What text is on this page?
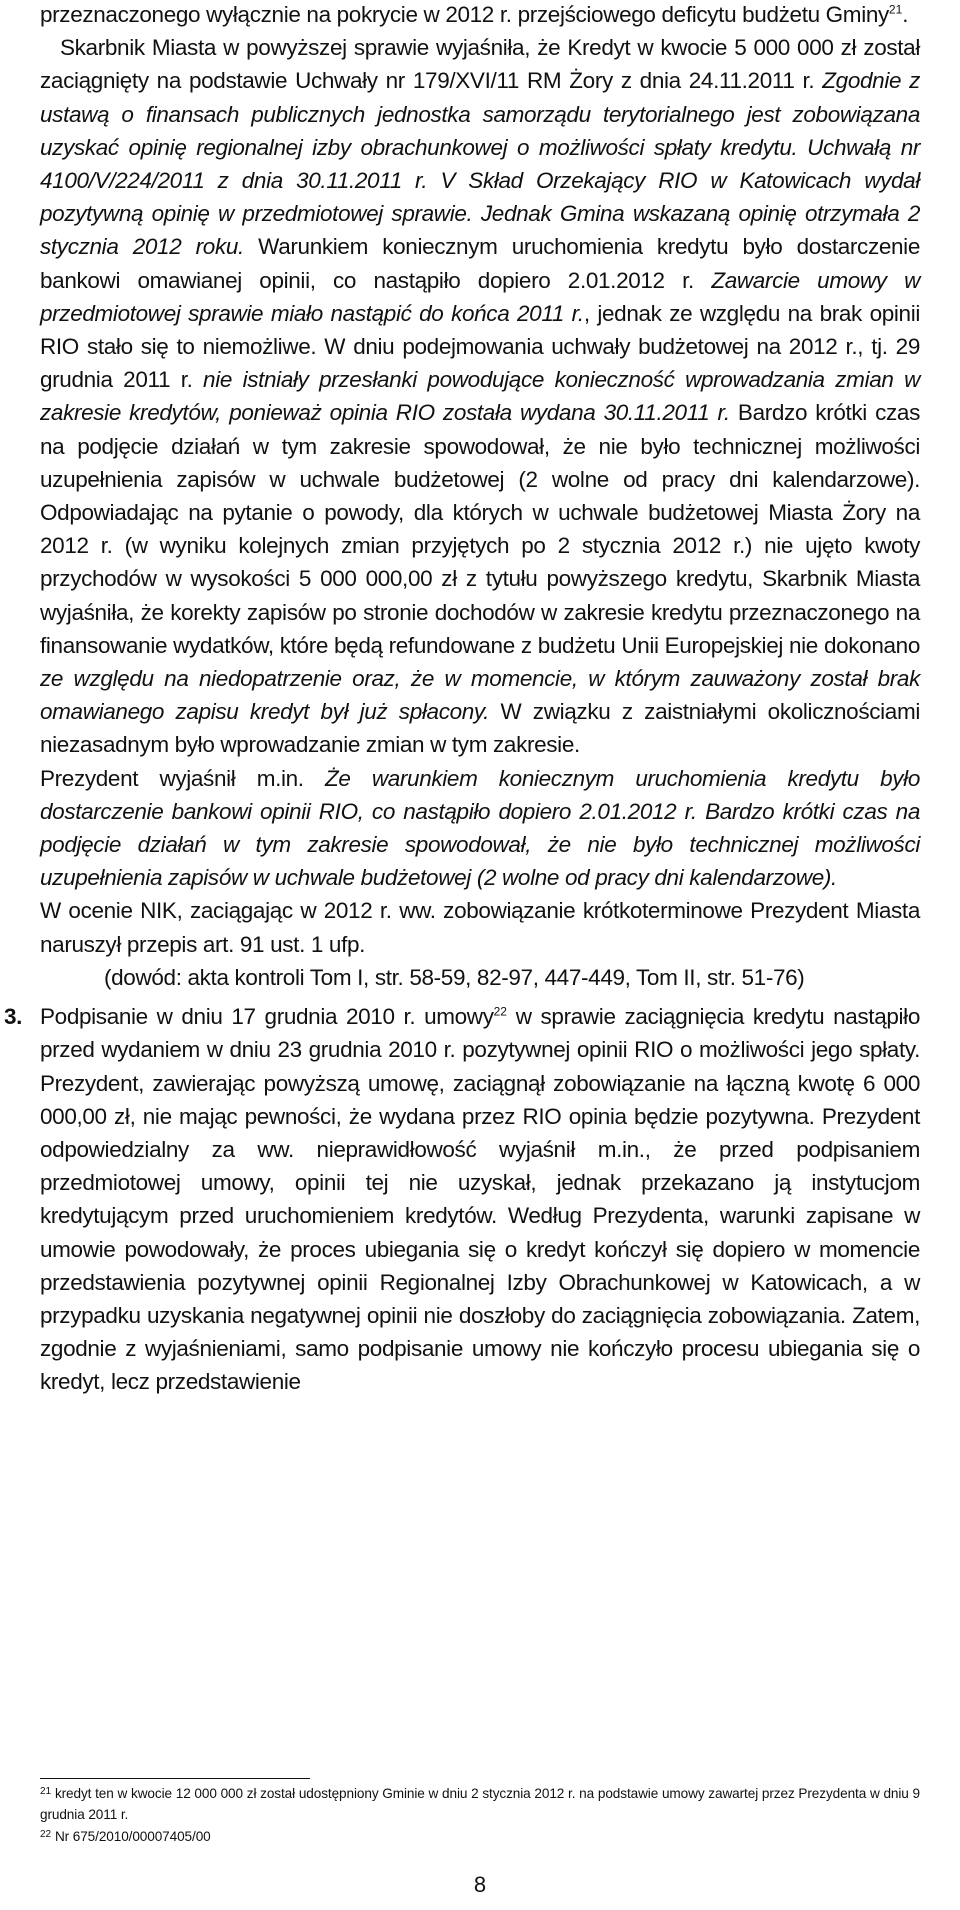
przeznaczonego wyłącznie na pokrycie w 2012 r. przejściowego deficytu budżetu Gminy$^{21}$.

Skarbnik Miasta w powyższej sprawie wyjaśniła, że Kredyt w kwocie 5 000 000 zł został zaciągnięty na podstawie Uchwały nr 179/XVI/11 RM Żory z dnia 24.11.2011 r. Zgodnie z ustawą o finansach publicznych jednostka samorządu terytorialnego jest zobowiązana uzyskać opinię regionalnej izby obrachunkowej o możliwości spłaty kredytu. Uchwałą nr 4100/V/224/2011 z dnia 30.11.2011 r. V Skład Orzekający RIO w Katowicach wydał pozytywną opinię w przedmiotowej sprawie. Jednak Gmina wskazaną opinię otrzymała 2 stycznia 2012 roku. Warunkiem koniecznym uruchomienia kredytu było dostarczenie bankowi omawianej opinii, co nastąpiło dopiero 2.01.2012 r. Zawarcie umowy w przedmiotowej sprawie miało nastąpić do końca 2011 r., jednak ze względu na brak opinii RIO stało się to niemożliwe. W dniu podejmowania uchwały budżetowej na 2012 r., tj. 29 grudnia 2011 r. nie istniały przesłanki powodujące konieczność wprowadzania zmian w zakresie kredytów, ponieważ opinia RIO została wydana 30.11.2011 r. Bardzo krótki czas na podjęcie działań w tym zakresie spowodował, że nie było technicznej możliwości uzupełnienia zapisów w uchwale budżetowej (2 wolne od pracy dni kalendarzowe). Odpowiadając na pytanie o powody, dla których w uchwale budżetowej Miasta Żory na 2012 r. (w wyniku kolejnych zmian przyjętych po 2 stycznia 2012 r.) nie ujęto kwoty przychodów w wysokości 5 000 000,00 zł z tytułu powyższego kredytu, Skarbnik Miasta wyjaśniła, że korekty zapisów po stronie dochodów w zakresie kredytu przeznaczonego na finansowanie wydatków, które będą refundowane z budżetu Unii Europejskiej nie dokonano ze względu na niedopatrzenie oraz, że w momencie, w którym zauważony został brak omawianego zapisu kredyt był już spłacony. W związku z zaistniałymi okolicznościami niezasadnym było wprowadzanie zmian w tym zakresie.

Prezydent wyjaśnił m.in. Że warunkiem koniecznym uruchomienia kredytu było dostarczenie bankowi opinii RIO, co nastąpiło dopiero 2.01.2012 r. Bardzo krótki czas na podjęcie działań w tym zakresie spowodował, że nie było technicznej możliwości uzupełnienia zapisów w uchwale budżetowej (2 wolne od pracy dni kalendarzowe).

W ocenie NIK, zaciągając w 2012 r. ww. zobowiązanie krótkoterminowe Prezydent Miasta naruszył przepis art. 91 ust. 1 ufp.

(dowód: akta kontroli Tom I, str. 58-59, 82-97, 447-449, Tom II, str. 51-76)

3. Podpisanie w dniu 17 grudnia 2010 r. umowy$^{22}$ w sprawie zaciągnięcia kredytu nastąpiło przed wydaniem w dniu 23 grudnia 2010 r. pozytywnej opinii RIO o możliwości jego spłaty. Prezydent, zawierając powyższą umowę, zaciągnął zobowiązanie na łączną kwotę 6 000 000,00 zł, nie mając pewności, że wydana przez RIO opinia będzie pozytywna. Prezydent odpowiedzialny za ww. nieprawidłowość wyjaśnił m.in., że przed podpisaniem przedmiotowej umowy, opinii tej nie uzyskał, jednak przekazano ją instytucjom kredytującym przed uruchomieniem kredytów. Według Prezydenta, warunki zapisane w umowie powodowały, że proces ubiegania się o kredyt kończył się dopiero w momencie przedstawienia pozytywnej opinii Regionalnej Izby Obrachunkowej w Katowicach, a w przypadku uzyskania negatywnej opinii nie doszłoby do zaciągnięcia zobowiązania. Zatem, zgodnie z wyjaśnieniami, samo podpisanie umowy nie kończyło procesu ubiegania się o kredyt, lecz przedstawienie

$^{21}$ kredyt ten w kwocie 12 000 000 zł został udostępniony Gminie w dniu 2 stycznia 2012 r. na podstawie umowy zawartej przez Prezydenta w dniu 9 grudnia 2011 r.

$^{22}$ Nr 675/2010/00007405/00

8
